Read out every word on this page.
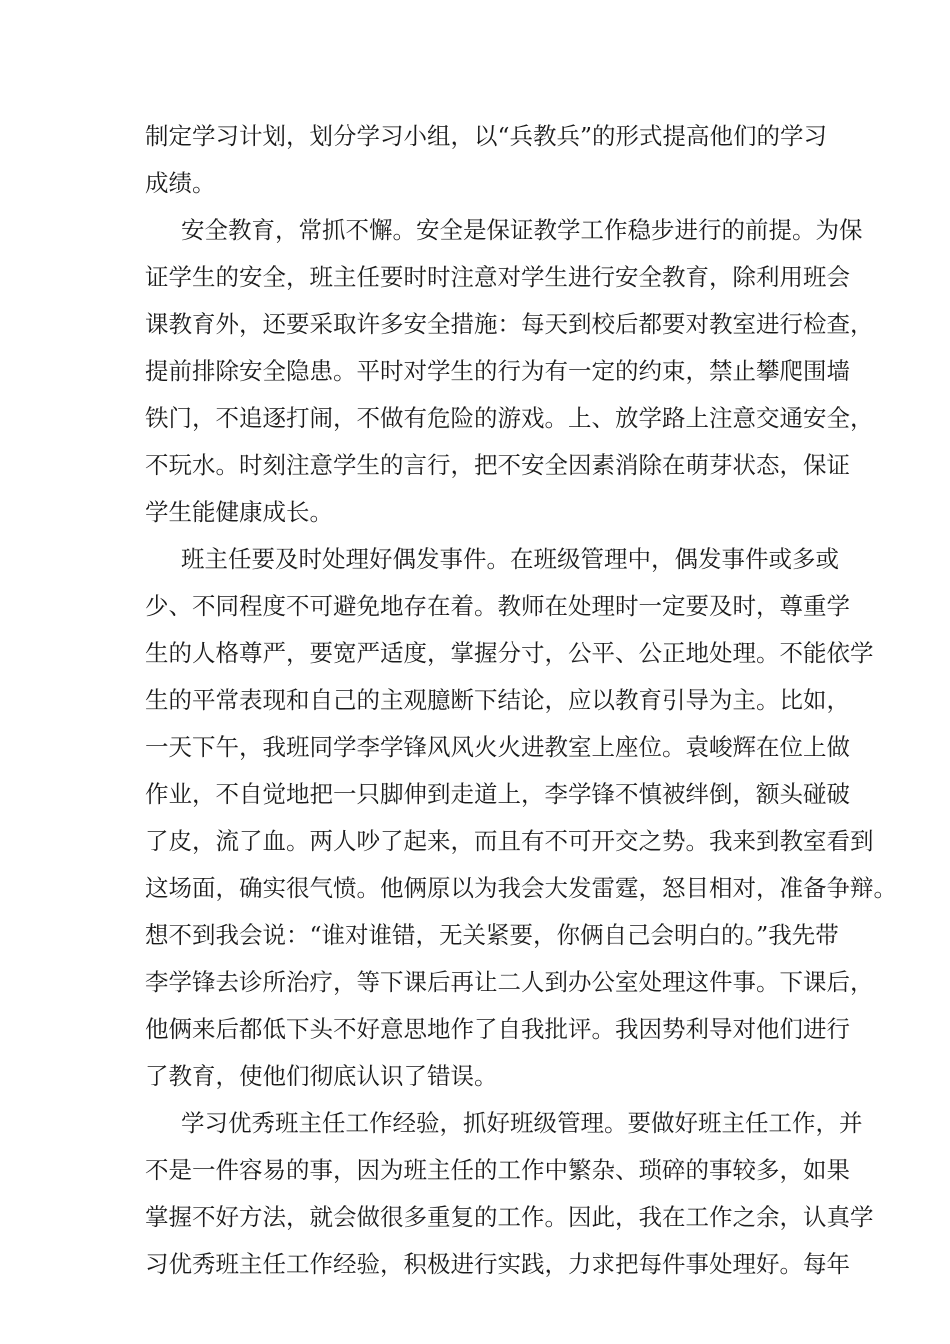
制定学习计划，划分学习小组，以“兵教兵”的形式提高他们的学习
成绩。
安全教育，常抓不懈。安全是保证教学工作稳步进行的前提。为保
证学生的安全，班主任要时时注意对学生进行安全教育，除利用班会
课教育外，还要采取许多安全措施：每天到校后都要对教室进行检查，
提前排除安全隐患。平时对学生的行为有一定的约束，禁止攀爬围墙
铁门，不追逐打闹，不做有危险的游戏。上、放学路上注意交通安全，
不玩水。时刻注意学生的言行，把不安全因素消除在萌芽状态，保证
学生能健康成长。
班主任要及时处理好偶发事件。在班级管理中，偶发事件或多或
少、不同程度不可避免地存在着。教师在处理时一定要及时，尊重学
生的人格尊严，要宽严适度，掌握分寸，公平、公正地处理。不能依学
生的平常表现和自己的主观臆断下结论，应以教育引导为主。比如，
一天下午，我班同学李学锋风风火火进教室上座位。袁峻辉在位上做
作业，不自觉地把一只脚伸到走道上，李学锋不慎被绊倒，额头碰破
了皮，流了血。两人吵了起来，而且有不可开交之势。我来到教室看到
这场面，确实很气愤。他俩原以为我会大发雷霆，怒目相对，准备争辩。
想不到我会说：“谁对谁错，无关紧要，你俩自己会明白的。”我先带
李学锋去诊所治疗，等下课后再让二人到办公室处理这件事。下课后，
他俩来后都低下头不好意思地作了自我批评。我因势利导对他们进行
了教育，使他们彻底认识了错误。
学习优秀班主任工作经验，抓好班级管理。要做好班主任工作，并
不是一件容易的事，因为班主任的工作中繁杂、琐碎的事较多，如果
掌握不好方法，就会做很多重复的工作。因此，我在工作之余，认真学
习优秀班主任工作经验，积极进行实践，力求把每件事处理好。每年
